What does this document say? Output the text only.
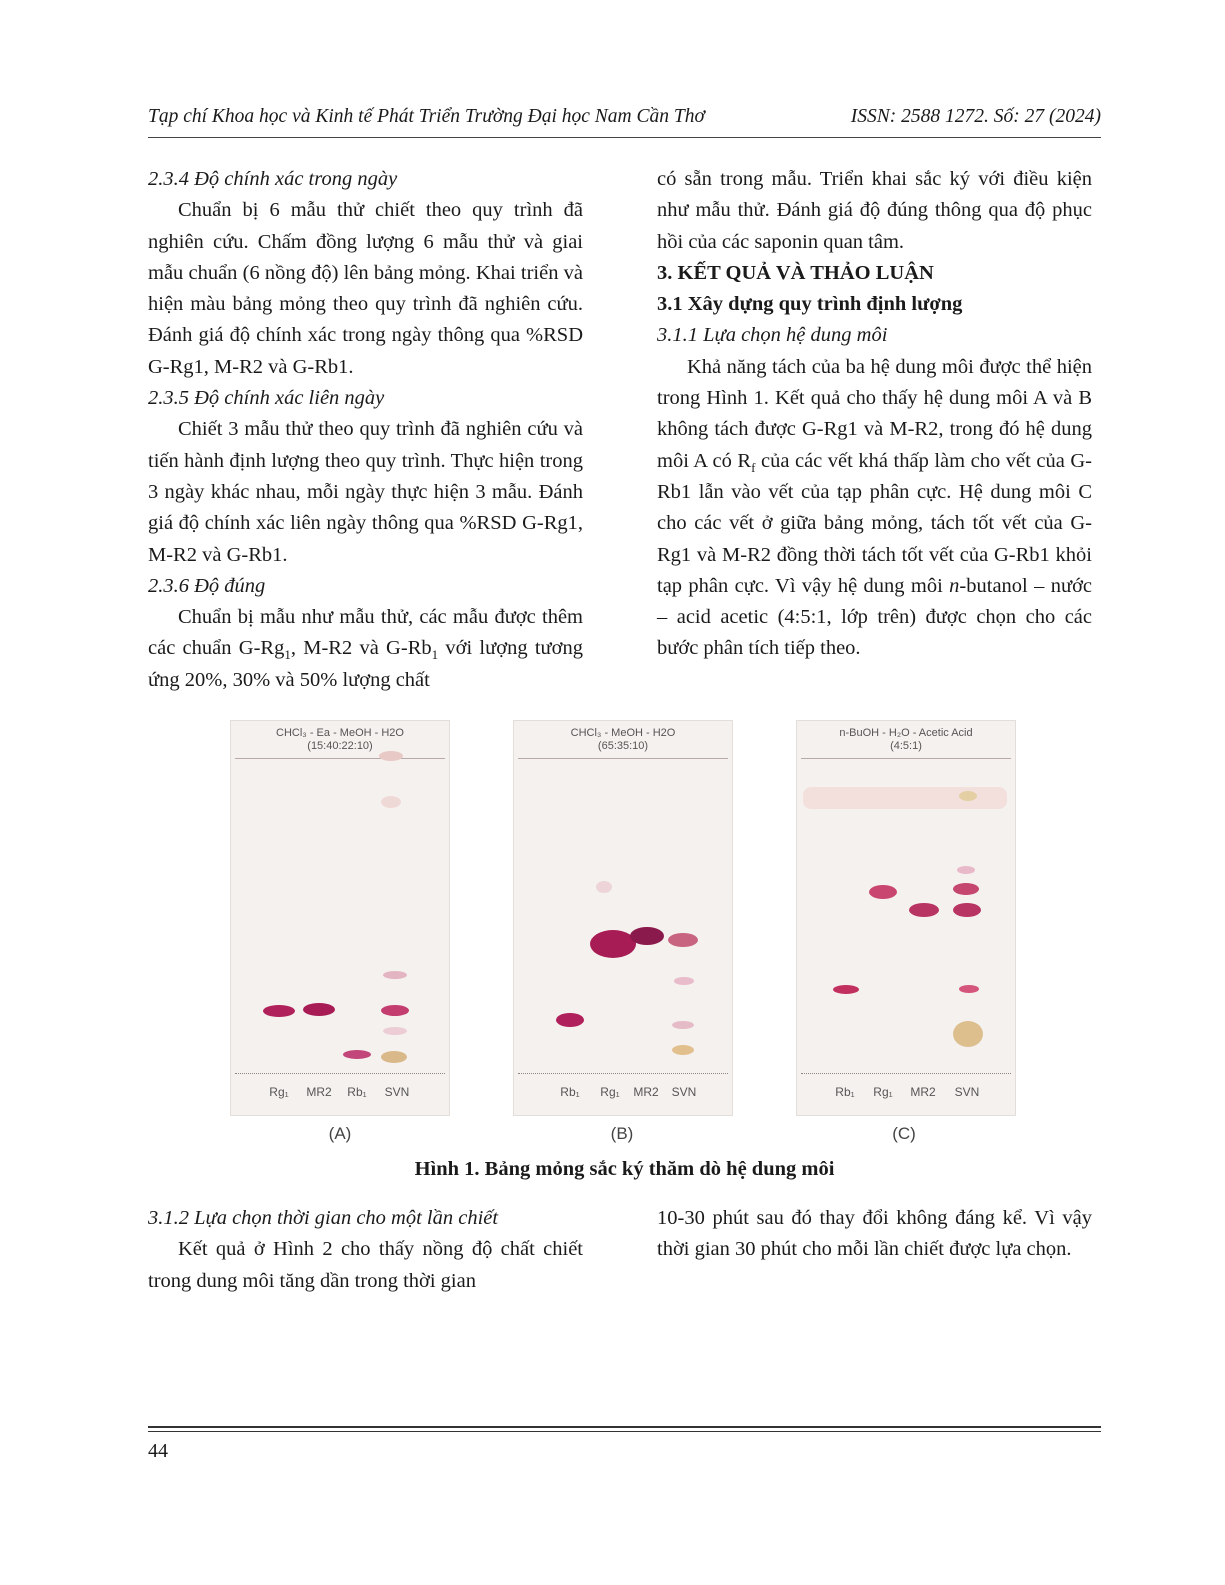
Tạp chí Khoa học và Kinh tế Phát Triển Trường Đại học Nam Cần Thơ	ISSN: 2588 1272. Số: 27 (2024)

2.3.4 Độ chính xác trong ngày

Chuẩn bị 6 mẫu thử chiết theo quy trình đã nghiên cứu. Chấm đồng lượng 6 mẫu thử và giai mẫu chuẩn (6 nồng độ) lên bảng mỏng. Khai triển và hiện màu bảng mỏng theo quy trình đã nghiên cứu. Đánh giá độ chính xác trong ngày thông qua %RSD G-Rg1, M-R2 và G-Rb1.

2.3.5 Độ chính xác liên ngày

Chiết 3 mẫu thử theo quy trình đã nghiên cứu và tiến hành định lượng theo quy trình. Thực hiện trong 3 ngày khác nhau, mỗi ngày thực hiện 3 mẫu. Đánh giá độ chính xác liên ngày thông qua %RSD G-Rg1, M-R2 và G-Rb1.

2.3.6 Độ đúng

Chuẩn bị mẫu như mẫu thử, các mẫu được thêm các chuẩn $G-Rg_1$, M-R2 và $G-Rb_1$ với lượng tương ứng 20%, 30% và 50% lượng chất

có sẵn trong mẫu. Triển khai sắc ký với điều kiện như mẫu thử. Đánh giá độ đúng thông qua độ phục hồi của các saponin quan tâm.

3. KẾT QUẢ VÀ THẢO LUẬN

3.1 Xây dựng quy trình định lượng

3.1.1 Lựa chọn hệ dung môi

Khả năng tách của ba hệ dung môi được thể hiện trong Hình 1. Kết quả cho thấy hệ dung môi A và B không tách được G-Rg1 và M-R2, trong đó hệ dung môi A có $R_f$ của các vết khá thấp làm cho vết của G-Rb1 lẫn vào vết của tạp phân cực. Hệ dung môi C cho các vết ở giữa bảng mỏng, tách tốt vết của G-Rg1 và M-R2 đồng thời tách tốt vết của G-Rb1 khỏi tạp phân cực. Vì vậy hệ dung môi n-butanol – nước – acid acetic (4:5:1, lớp trên) được chọn cho các bước phân tích tiếp theo.

CHCl₃ - Ea - MeOH - H2O
(15:40:22:10)
Rg₁	MR2	Rb₁	SVN
CHCl₃ - MeOH - H2O
(65:35:10)
Rb₁	Rg₁	MR2	SVN
n-BuOH - H₂O - Acetic Acid
(4:5:1)
Rb₁	Rg₁	MR2	SVN
(A)	(B)	(C)
Hình 1. Bảng mỏng sắc ký thăm dò hệ dung môi

3.1.2 Lựa chọn thời gian cho một lần chiết

Kết quả ở Hình 2 cho thấy nồng độ chất chiết trong dung môi tăng dần trong thời gian

10-30 phút sau đó thay đổi không đáng kể. Vì vậy thời gian 30 phút cho mỗi lần chiết được lựa chọn.

44
